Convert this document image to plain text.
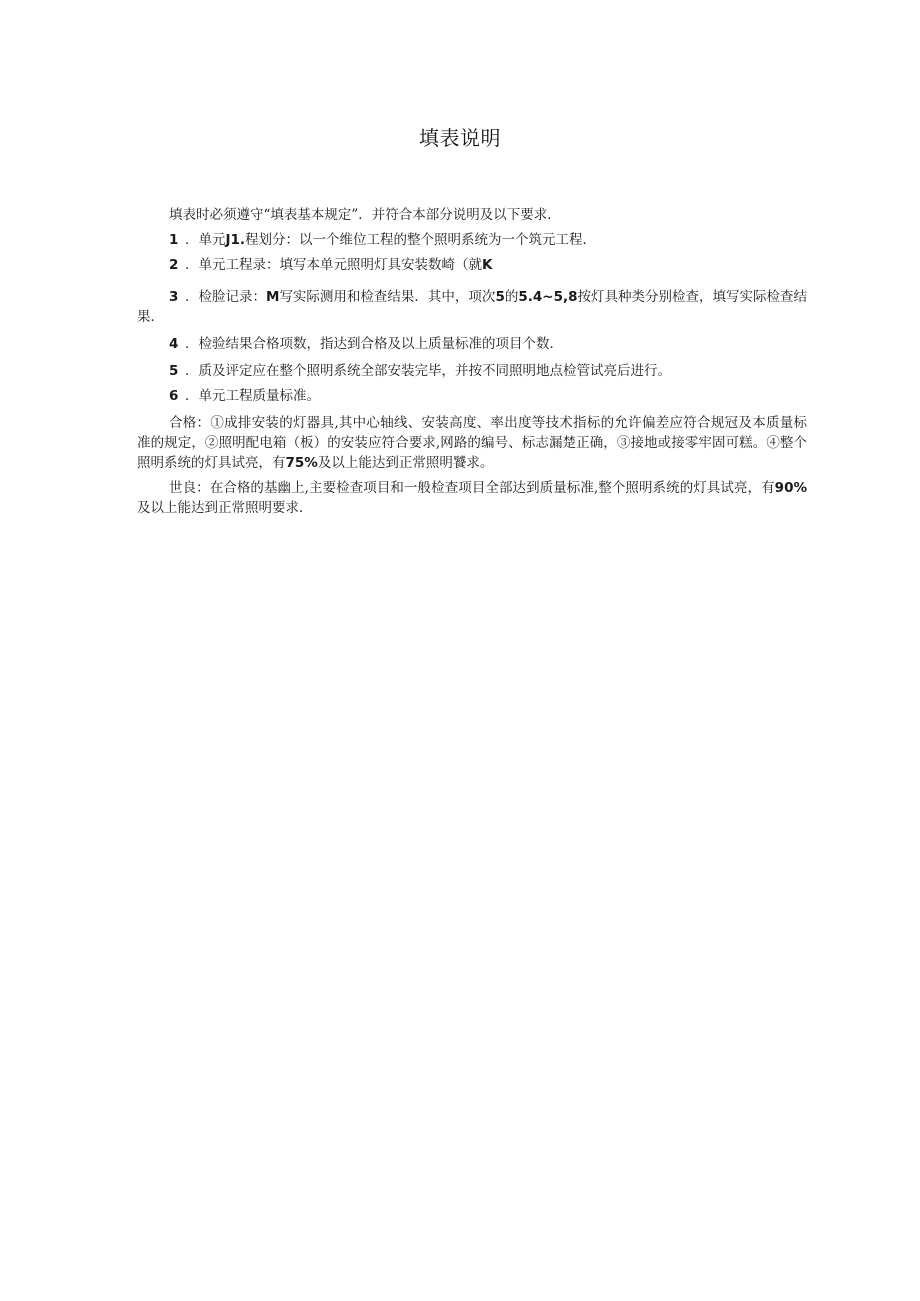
填表说明

填表时必须遵守“填表基本规定”．并符合本部分说明及以下要求．

1 ．单元J1.程划分：以一个维位工程的整个照明系统为一个筑元工程．

2 ．单元工程录：填写本单元照明灯具安装数崎（就K

3 ．检脸记录：M写实际测用和检查结果．其中，项次5的5.4~5,8按灯具种类分别检查，填写实际检查结果．

4 ．检验结果合格项数，指达到合格及以上质量标准的项目个数．

5 ．质及评定应在整个照明系统全部安装完毕，并按不同照明地点检管试亮后进行。

6 ．单元工程质量标准。

合格：①成排安装的灯器具,其中心轴线、安装高度、率出度等技术指标的允许偏差应符合规冠及本质量标准的规定，②照明配电箱（板）的安装应符合要求,网路的编号、标志漏楚正确，③接地或接零牢固可糕。④整个照明系统的灯具试亮，有75%及以上能达到正常照明饕求。

世良：在合格的基幽上,主要检查项目和一般检查项目全部达到质量标准,整个照明系统的灯具试亮，有90%及以上能达到正常照明要求．
